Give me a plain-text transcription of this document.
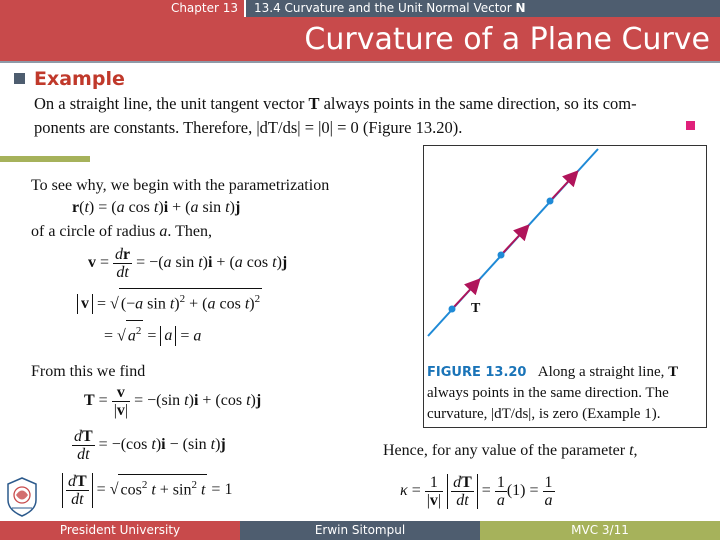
Chapter 13	13.4 Curvature and the Unit Normal Vector N
Curvature of a Plane Curve
Example
On a straight line, the unit tangent vector T always points in the same direction, so its com-
ponents are constants. Therefore, |dT/ds| = |0| = 0 (Figure 13.20).
To see why, we begin with the parametrization
r(t) = (a cos t)i + (a sin t)j
of a circle of radius a. Then,
$v = \frac{dr}{dt} = -(a$ sin t)i + (a cos t)j
v = √ (−a sin t)$^2$ + (a cos t)$^2$
= √ $a^2 = a = a$
From this we find
$T = \frac{v}{|v|} = -(\sin$ t)i + (cos t)j
$\frac{dT}{dt} = -(\cos$ t)i − (sin t)j
$\frac{dT}{dt}$ = √ $\cos^2 t + \sin^2 t = 1$
T
FIGURE 13.20 Along a straight line, T always points in the same direction. The curvature, |dT/ds|, is zero (Example 1).
Hence, for any value of the parameter t,
$\kappa = \frac{1}{|v|}$
$\frac{dT}{dt} = \frac{1}{a} (1) = \frac{1}{a}$
President University	Erwin Sitompul	MVC 3/11
